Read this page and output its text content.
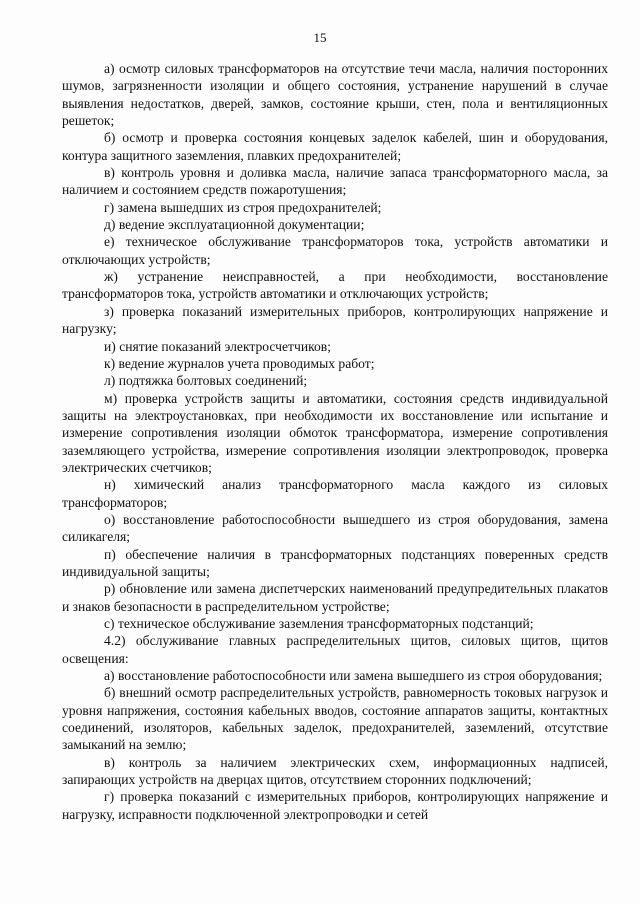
15

а) осмотр силовых трансформаторов на отсутствие течи масла, наличия посторонних шумов, загрязненности изоляции и общего состояния, устранение нарушений в случае выявления недостатков, дверей, замков, состояние крыши, стен, пола и вентиляционных решеток;

б) осмотр и проверка состояния концевых заделок кабелей, шин и оборудования, контура защитного заземления, плавких предохранителей;

в) контроль уровня и доливка масла, наличие запаса трансформаторного масла, за наличием и состоянием средств пожаротушения;

г) замена вышедших из строя предохранителей;

д) ведение эксплуатационной документации;

е) техническое обслуживание трансформаторов тока, устройств автоматики и отключающих устройств;

ж) устранение неисправностей, а при необходимости, восстановление трансформаторов тока, устройств автоматики и отключающих устройств;

з) проверка показаний измерительных приборов, контролирующих напряжение и нагрузку;

и) снятие показаний электросчетчиков;

к) ведение журналов учета проводимых работ;

л) подтяжка болтовых соединений;

м) проверка устройств защиты и автоматики, состояния средств индивидуальной защиты на электроустановках, при необходимости их восстановление или испытание и измерение сопротивления изоляции обмоток трансформатора, измерение сопротивления заземляющего устройства, измерение сопротивления изоляции электропроводок, проверка электрических счетчиков;

н) химический анализ трансформаторного масла каждого из силовых трансформаторов;

о) восстановление работоспособности вышедшего из строя оборудования, замена силикагеля;

п) обеспечение наличия в трансформаторных подстанциях поверенных средств индивидуальной защиты;

р) обновление или замена диспетчерских наименований предупредительных плакатов и знаков безопасности в распределительном устройстве;

с) техническое обслуживание заземления трансформаторных подстанций;

4.2) обслуживание главных распределительных щитов, силовых щитов, щитов освещения:

а) восстановление работоспособности или замена вышедшего из строя оборудования;

б) внешний осмотр распределительных устройств, равномерность токовых нагрузок и уровня напряжения, состояния кабельных вводов, состояние аппаратов защиты, контактных соединений, изоляторов, кабельных заделок, предохранителей, заземлений, отсутствие замыканий на землю;

в) контроль за наличием электрических схем, информационных надписей, запирающих устройств на дверцах щитов, отсутствием сторонних подключений;

г) проверка показаний с измерительных приборов, контролирующих напряжение и нагрузку, исправности подключенной электропроводки и сетей
